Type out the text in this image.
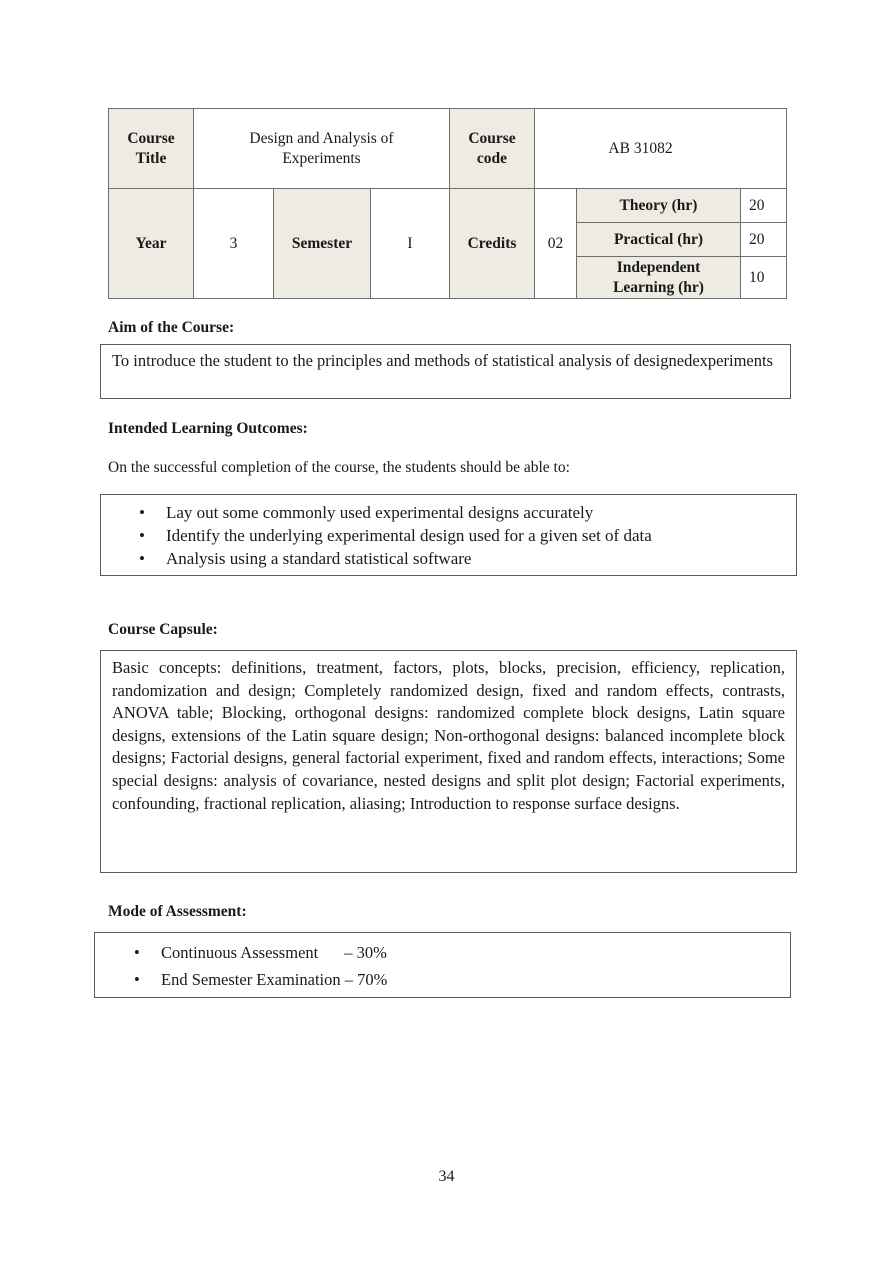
Course Title	Design and Analysis of Experiments			Course code	AB 31082		
Year	3	Semester	I	Credits	02	Theory (hr)	20
						Practical (hr)	20
						Independent Learning (hr)	10
Aim of the Course:
To introduce the student to the principles and methods of statistical analysis of designedexperiments
Intended Learning Outcomes:
On the successful completion of the course, the students should be able to:
• Lay out some commonly used experimental designs accurately
• Identify the underlying experimental design used for a given set of data
• Analysis using a standard statistical software
Course Capsule:
Basic concepts: definitions, treatment, factors, plots, blocks, precision, efficiency, replication, randomization and design; Completely randomized design, fixed and random effects, contrasts, ANOVA table; Blocking, orthogonal designs: randomized complete block designs, Latin square designs, extensions of the Latin square design; Non-orthogonal designs: balanced incomplete block designs; Factorial designs, general factorial experiment, fixed and random effects, interactions; Some special designs: analysis of covariance, nested designs and split plot design; Factorial experiments, confounding, fractional replication, aliasing; Introduction to response surface designs.
Mode of Assessment:
• Continuous Assessment – 30%
• End Semester Examination – 70%
34
